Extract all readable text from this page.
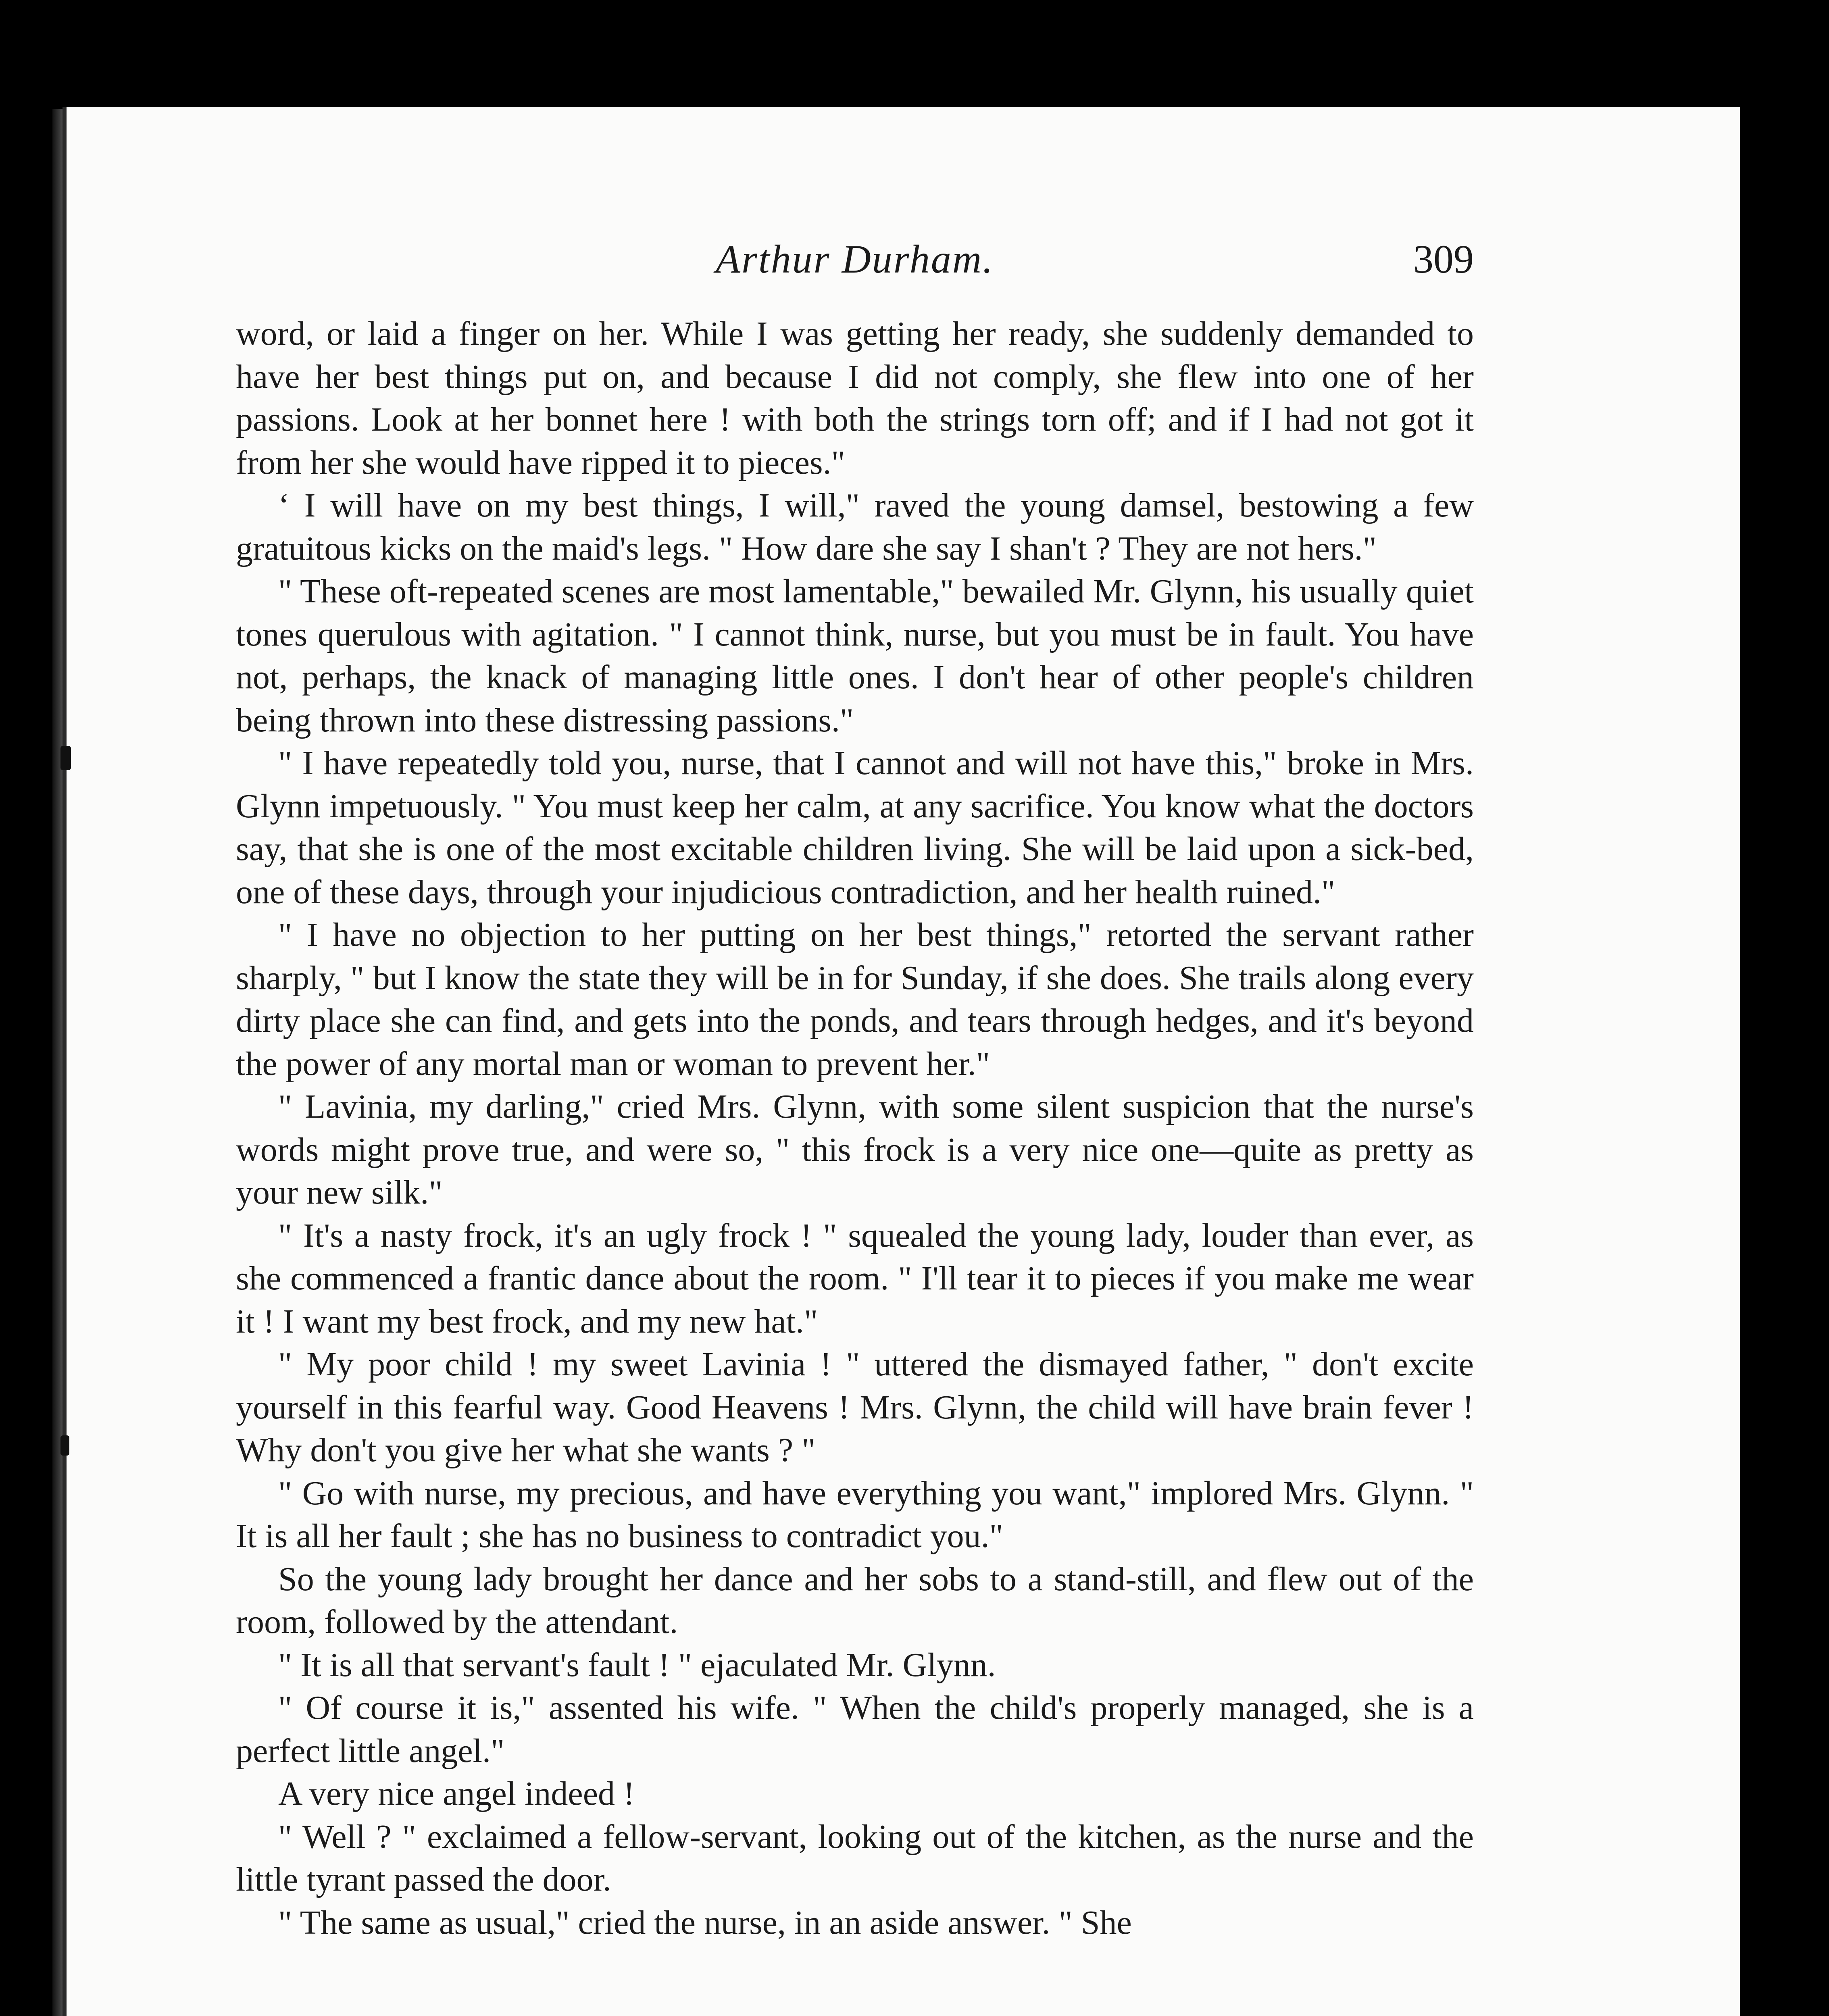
Arthur Durham.	309

word, or laid a finger on her. While I was getting her ready, she suddenly demanded to have her best things put on, and because I did not comply, she flew into one of her passions. Look at her bonnet here ! with both the strings torn off; and if I had not got it from her she would have ripped it to pieces."

‘ I will have on my best things, I will," raved the young damsel, bestowing a few gratuitous kicks on the maid's legs. " How dare she say I shan't ? They are not hers."

" These oft-repeated scenes are most lamentable," bewailed Mr. Glynn, his usually quiet tones querulous with agitation. " I cannot think, nurse, but you must be in fault. You have not, perhaps, the knack of managing little ones. I don't hear of other people's children being thrown into these distressing passions."

" I have repeatedly told you, nurse, that I cannot and will not have this," broke in Mrs. Glynn impetuously. " You must keep her calm, at any sacrifice. You know what the doctors say, that she is one of the most excitable children living. She will be laid upon a sick-bed, one of these days, through your injudicious contradiction, and her health ruined."

" I have no objection to her putting on her best things," retorted the servant rather sharply, " but I know the state they will be in for Sunday, if she does. She trails along every dirty place she can find, and gets into the ponds, and tears through hedges, and it's beyond the power of any mortal man or woman to prevent her."

" Lavinia, my darling," cried Mrs. Glynn, with some silent suspicion that the nurse's words might prove true, and were so, " this frock is a very nice one—quite as pretty as your new silk."

" It's a nasty frock, it's an ugly frock ! " squealed the young lady, louder than ever, as she commenced a frantic dance about the room. " I'll tear it to pieces if you make me wear it ! I want my best frock, and my new hat."

" My poor child ! my sweet Lavinia ! " uttered the dismayed father, " don't excite yourself in this fearful way. Good Heavens ! Mrs. Glynn, the child will have brain fever ! Why don't you give her what she wants ? "

" Go with nurse, my precious, and have everything you want," implored Mrs. Glynn. " It is all her fault ; she has no business to contradict you."

So the young lady brought her dance and her sobs to a stand-still, and flew out of the room, followed by the attendant.

" It is all that servant's fault ! " ejaculated Mr. Glynn.

" Of course it is," assented his wife. " When the child's properly managed, she is a perfect little angel."

A very nice angel indeed !

" Well ? " exclaimed a fellow-servant, looking out of the kitchen, as the nurse and the little tyrant passed the door.

" The same as usual," cried the nurse, in an aside answer. " She
